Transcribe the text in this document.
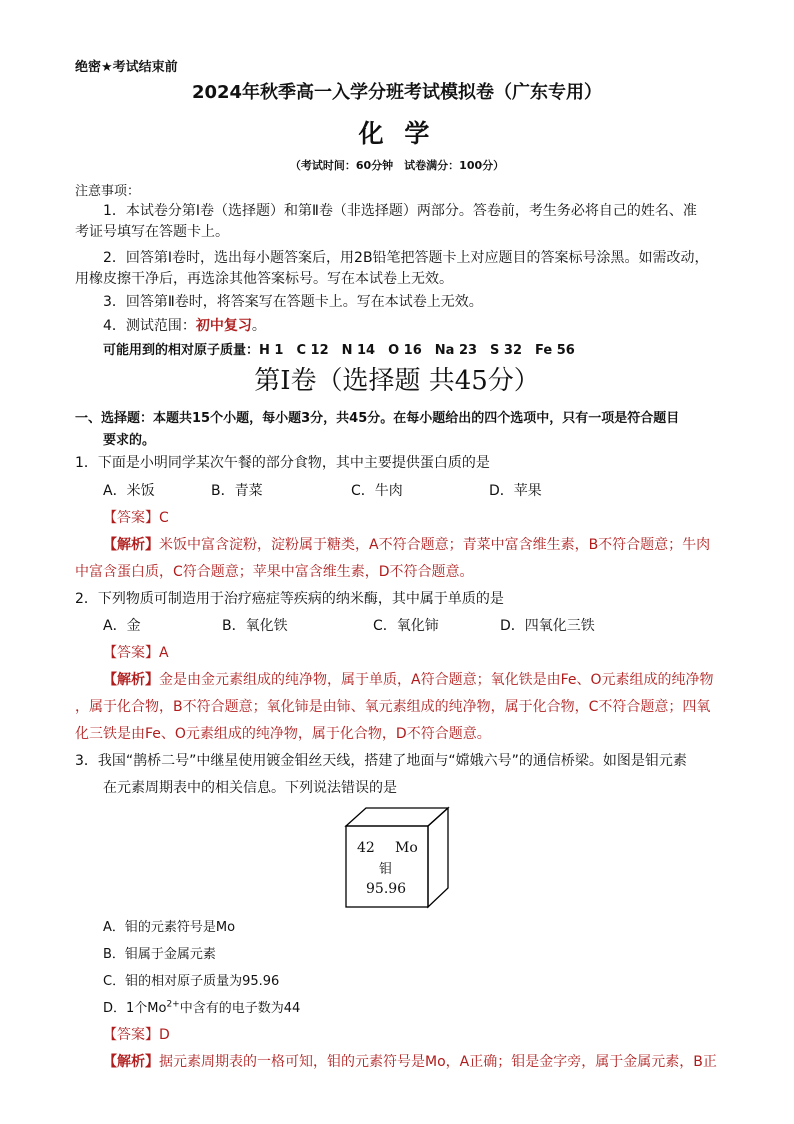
绝密★考试结束前
2024年秋季高一入学分班考试模拟卷（广东专用）
化 学
（考试时间：60分钟　试卷满分：100分）
注意事项：
1．本试卷分第Ⅰ卷（选择题）和第Ⅱ卷（非选择题）两部分。答卷前，考生务必将自己的姓名、准
考证号填写在答题卡上。
2．回答第Ⅰ卷时，选出每小题答案后，用2B铅笔把答题卡上对应题目的答案标号涂黑。如需改动，
用橡皮擦干净后，再选涂其他答案标号。写在本试卷上无效。
3．回答第Ⅱ卷时，将答案写在答题卡上。写在本试卷上无效。
4．测试范围：初中复习。
可能用到的相对原子质量：H 1　C 12　N 14　O 16　Na 23　S 32　Fe 56
第Ⅰ卷（选择题 共45分）
一、选择题：本题共15个小题，每小题3分，共45分。在每小题给出的四个选项中，只有一项是符合题目
要求的。
1．下面是小明同学某次午餐的部分食物，其中主要提供蛋白质的是
A．米饭	B．青菜	C．牛肉	D．苹果
【答案】C
【解析】米饭中富含淀粉，淀粉属于糖类，A不符合题意；青菜中富含维生素，B不符合题意；牛肉
中富含蛋白质，C符合题意；苹果中富含维生素，D不符合题意。
2．下列物质可制造用于治疗癌症等疾病的纳米酶，其中属于单质的是
A．金	B．氧化铁	C．氧化铈	D．四氧化三铁
【答案】A
【解析】金是由金元素组成的纯净物，属于单质，A符合题意；氧化铁是由Fe、O元素组成的纯净物
，属于化合物，B不符合题意；氧化铈是由铈、氧元素组成的纯净物，属于化合物，C不符合题意；四氧
化三铁是由Fe、O元素组成的纯净物，属于化合物，D不符合题意。
3．我国“鹊桥二号”中继星使用镀金钼丝天线，搭建了地面与“嫦娥六号”的通信桥梁。如图是钼元素
在元素周期表中的相关信息。下列说法错误的是
42 Mo
钼
95.96
A．钼的元素符号是Mo
B．钼属于金属元素
C．钼的相对原子质量为95.96
D．1个$Mo^{2+}$中含有的电子数为44
【答案】D
【解析】据元素周期表的一格可知，钼的元素符号是Mo，A正确；钼是金字旁，属于金属元素，B正
